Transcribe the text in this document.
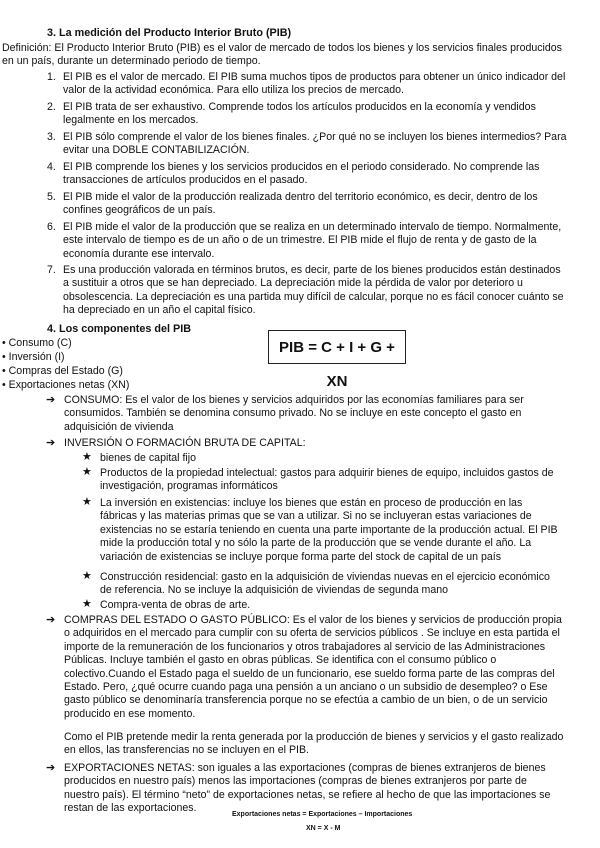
3. La medición del Producto Interior Bruto (PIB)
Definición: El Producto Interior Bruto (PIB) es el valor de mercado de todos los bienes y los servicios finales producidos en un país, durante un determinado periodo de tiempo.
1. El PIB es el valor de mercado. El PIB suma muchos tipos de productos para obtener un único indicador del valor de la actividad económica. Para ello utiliza los precios de mercado.
2. El PIB trata de ser exhaustivo. Comprende todos los artículos producidos en la economía y vendidos legalmente en los mercados.
3. El PIB sólo comprende el valor de los bienes finales. ¿Por qué no se incluyen los bienes intermedios? Para evitar una DOBLE CONTABILIZACIÓN.
4. El PIB comprende los bienes y los servicios producidos en el periodo considerado. No comprende las transacciones de artículos producidos en el pasado.
5. El PIB mide el valor de la producción realizada dentro del territorio económico, es decir, dentro de los confines geográficos de un país.
6. El PIB mide el valor de la producción que se realiza en un determinado intervalo de tiempo. Normalmente, este intervalo de tiempo es de un año o de un trimestre. El PIB mide el flujo de renta y de gasto de la economía durante ese intervalo.
7. Es una producción valorada en términos brutos, es decir, parte de los bienes producidos están destinados a sustituir a otros que se han depreciado. La depreciación mide la pérdida de valor por deterioro u obsolescencia. La depreciación es una partida muy difícil de calcular, porque no es fácil conocer cuánto se ha depreciado en un año el capital físico.
4. Los componentes del PIB
PIB = C + I + G + XN
• Consumo (C)
• Inversión (I)
• Compras del Estado (G)
• Exportaciones netas (XN)
➔ CONSUMO: Es el valor de los bienes y servicios adquiridos por las economías familiares para ser consumidos. También se denomina consumo privado. No se incluye en este concepto el gasto en adquisición de vivienda
➔ INVERSIÓN O FORMACIÓN BRUTA DE CAPITAL:
★ bienes de capital fijo
★ Productos de la propiedad intelectual: gastos para adquirir bienes de equipo, incluidos gastos de investigación, programas informáticos
★ La inversión en existencias: incluye los bienes que están en proceso de producción en las fábricas y las materias primas que se van a utilizar. Si no se incluyeran estas variaciones de existencias no se estaría teniendo en cuenta una parte importante de la producción actual. El PIB mide la producción total y no sólo la parte de la producción que se vende durante el año. La variación de existencias se incluye porque forma parte del stock de capital de un país
★ Construcción residencial: gasto en la adquisición de viviendas nuevas en el ejercicio económico de referencia. No se incluye la adquisición de viviendas de segunda mano
★ Compra-venta de obras de arte.
➔ COMPRAS DEL ESTADO O GASTO PÚBLICO: Es el valor de los bienes y servicios de producción propia o adquiridos en el mercado para cumplir con su oferta de servicios públicos . Se incluye en esta partida el importe de la remuneración de los funcionarios y otros trabajadores al servicio de las Administraciones Públicas. Incluye también el gasto en obras públicas. Se identifica con el consumo público o colectivo.Cuando el Estado paga el sueldo de un funcionario, ese sueldo forma parte de las compras del Estado. Pero, ¿qué ocurre cuando paga una pensión a un anciano o un subsidio de desempleo? o Ese gasto público se denominaría transferencia porque no se efectúa a cambio de un bien, o de un servicio producido en ese momento.
Como el PIB pretende medir la renta generada por la producción de bienes y servicios y el gasto realizado en ellos, las transferencias no se incluyen en el PIB.
➔ EXPORTACIONES NETAS: son iguales a las exportaciones (compras de bienes extranjeros de bienes producidos en nuestro país) menos las importaciones (compras de bienes extranjeros por parte de nuestro país). El término “neto” de exportaciones netas, se refiere al hecho de que las importaciones se restan de las exportaciones.
Exportaciones netas = Exportaciones – Importaciones
XN = X - M
